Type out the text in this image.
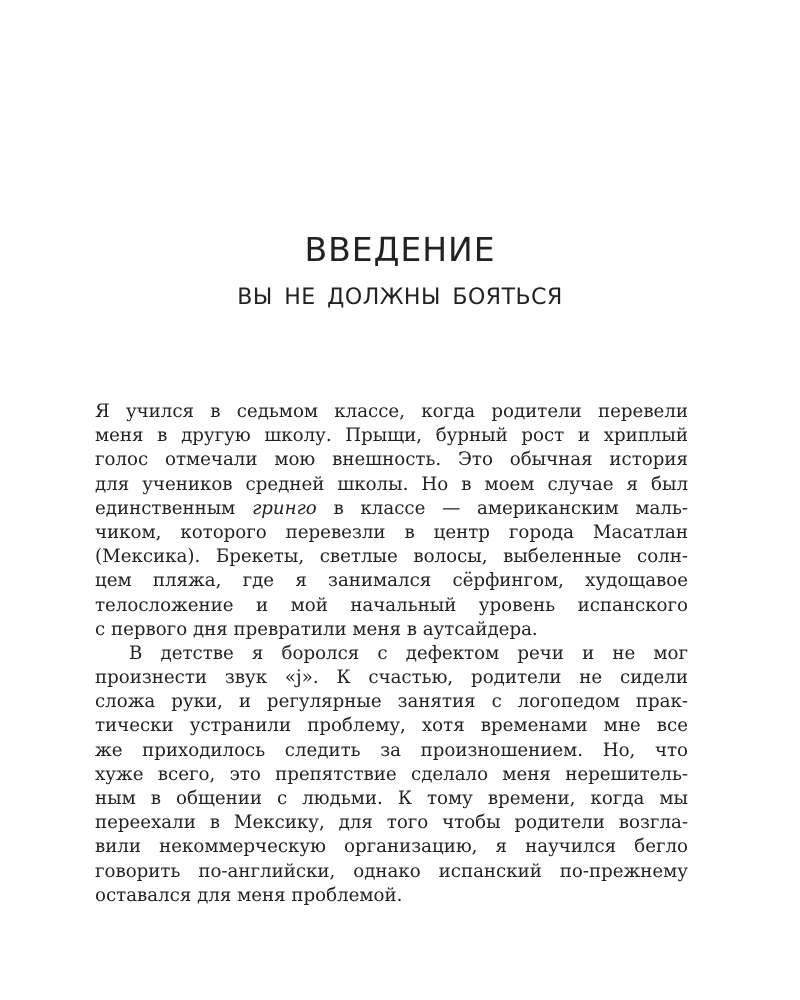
ВВЕДЕНИЕ
ВЫ НЕ ДОЛЖНЫ БОЯТЬСЯ
Я учился в седьмом классе, когда родители перевели
меня в другую школу. Прыщи, бурный рост и хриплый
голос отмечали мою внешность. Это обычная история
для учеников средней школы. Но в моем случае я был
единственным гринго в классе — американским маль-
чиком, которого перевезли в центр города Масатлан
(Мексика). Брекеты, светлые волосы, выбеленные солн-
цем пляжа, где я занимался сёрфингом, худощавое
телосложение и мой начальный уровень испанского
с первого дня превратили меня в аутсайдера.
В детстве я боролся с дефектом речи и не мог
произнести звук «j». К счастью, родители не сидели
сложа руки, и регулярные занятия с логопедом прак-
тически устранили проблему, хотя временами мне все
же приходилось следить за произношением. Но, что
хуже всего, это препятствие сделало меня нерешитель-
ным в общении с людьми. К тому времени, когда мы
переехали в Мексику, для того чтобы родители возгла-
вили некоммерческую организацию, я научился бегло
говорить по-английски, однако испанский по-прежнему
оставался для меня проблемой.
